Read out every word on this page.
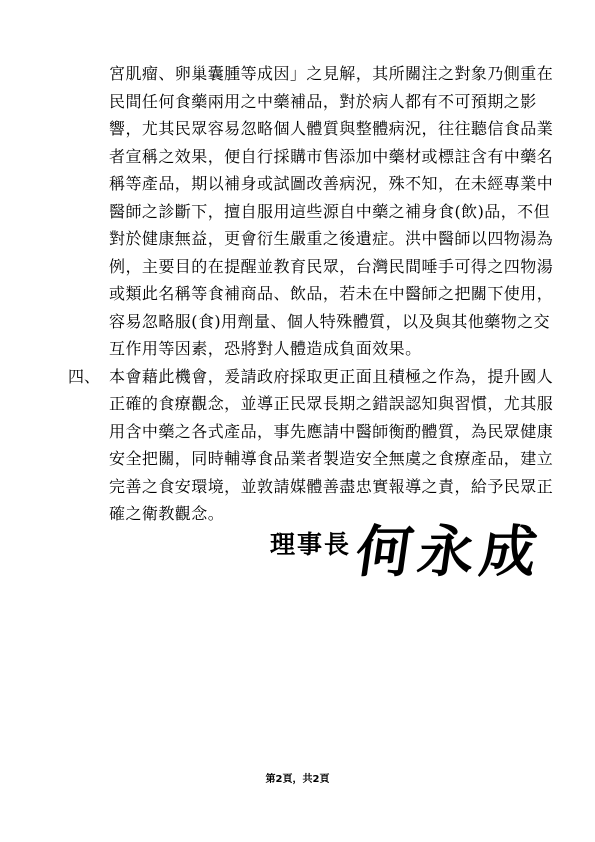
宮肌瘤、卵巢囊腫等成因」之見解，其所關注之對象乃側重在
民間任何食藥兩用之中藥補品，對於病人都有不可預期之影
響，尤其民眾容易忽略個人體質與整體病況，往往聽信食品業
者宣稱之效果，便自行採購市售添加中藥材或標註含有中藥名
稱等產品，期以補身或試圖改善病況，殊不知，在未經專業中
醫師之診斷下，擅自服用這些源自中藥之補身食(飲)品，不但
對於健康無益，更會衍生嚴重之後遺症。洪中醫師以四物湯為
例，主要目的在提醒並教育民眾，台灣民間唾手可得之四物湯
或類此名稱等食補商品、飲品，若未在中醫師之把關下使用，
容易忽略服(食)用劑量、個人特殊體質，以及與其他藥物之交
互作用等因素，恐將對人體造成負面效果。
四、 本會藉此機會，爰請政府採取更正面且積極之作為，提升國人
正確的食療觀念，並導正民眾長期之錯誤認知與習慣，尤其服
用含中藥之各式產品，事先應請中醫師衡酌體質，為民眾健康
安全把關，同時輔導食品業者製造安全無虞之食療產品，建立
完善之食安環境，並敦請媒體善盡忠實報導之責，給予民眾正
確之衛教觀念。
理事長 何永成
第2頁，共2頁
